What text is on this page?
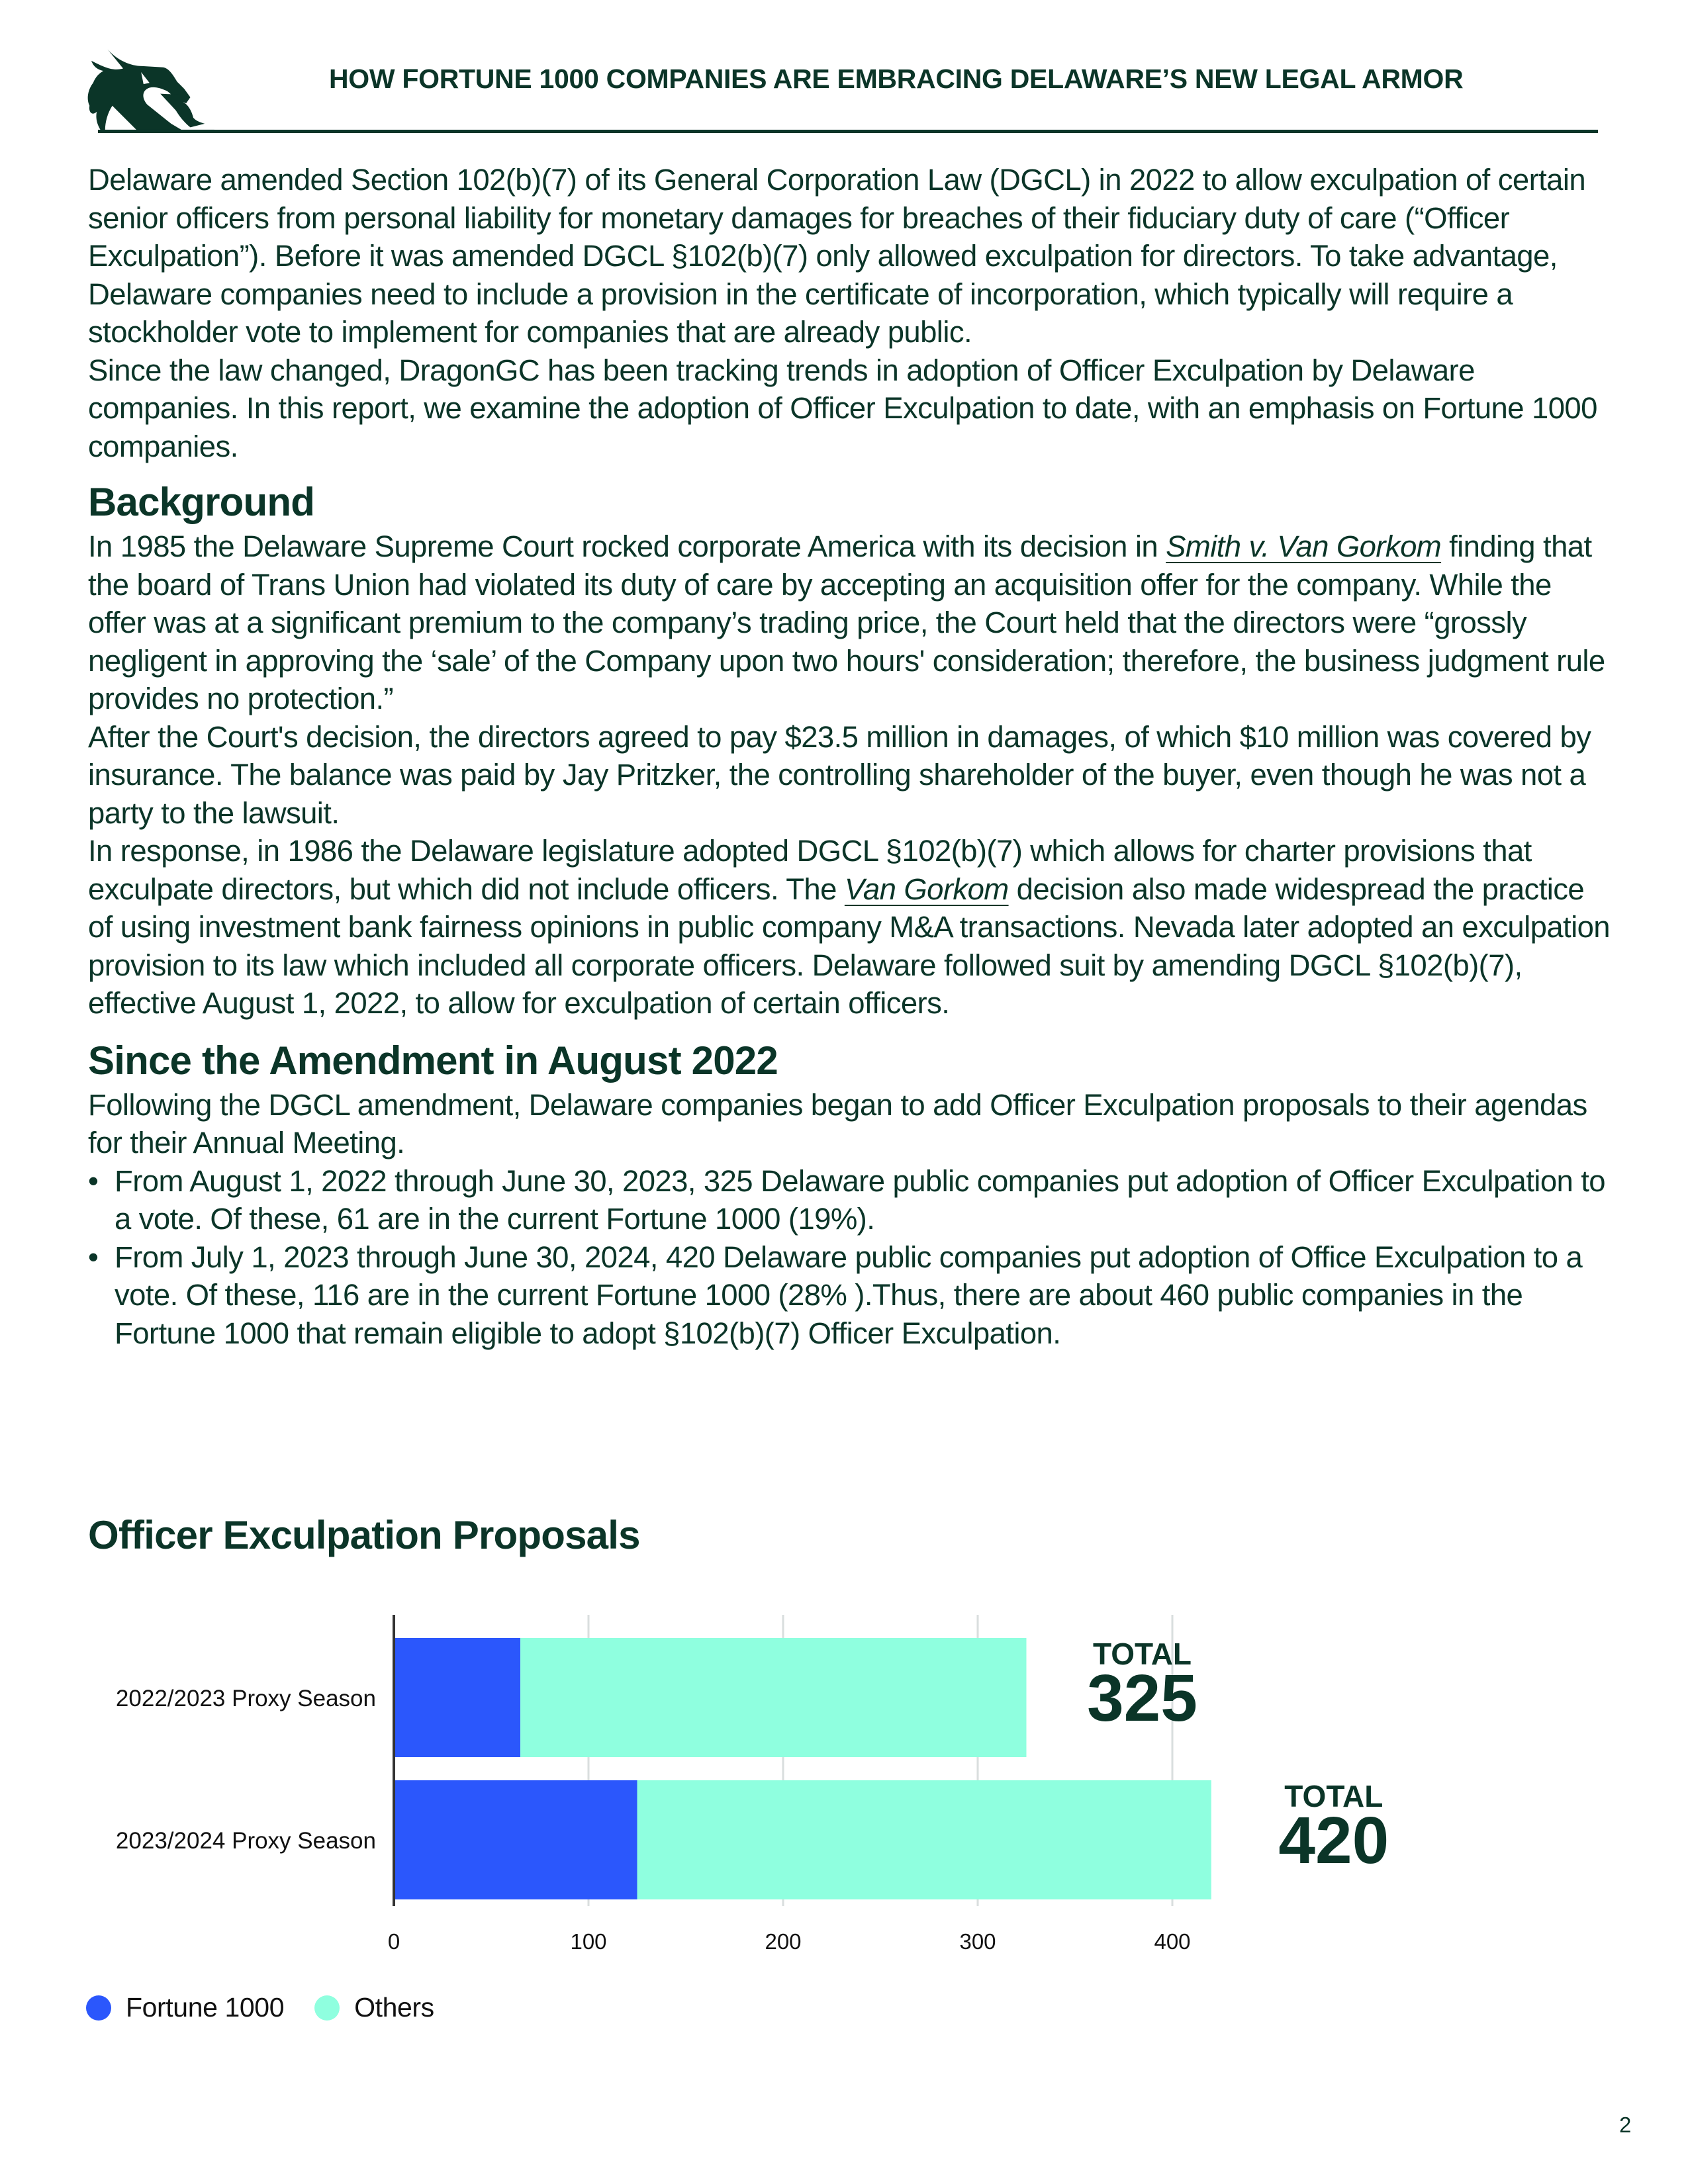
HOW FORTUNE 1000 COMPANIES ARE EMBRACING DELAWARE’S NEW LEGAL ARMOR

Delaware amended Section 102(b)(7) of its General Corporation Law (DGCL) in 2022 to allow exculpation of certain senior officers from personal liability for monetary damages for breaches of their fiduciary duty of care (“Officer Exculpation”). Before it was amended DGCL §102(b)(7) only allowed exculpation for directors. To take advantage, Delaware companies need to include a provision in the certificate of incorporation, which typically will require a stockholder vote to implement for companies that are already public.

Since the law changed, DragonGC has been tracking trends in adoption of Officer Exculpation by Delaware companies. In this report, we examine the adoption of Officer Exculpation to date, with an emphasis on Fortune 1000 companies.

Background

In 1985 the Delaware Supreme Court rocked corporate America with its decision in Smith v. Van Gorkom finding that the board of Trans Union had violated its duty of care by accepting an acquisition offer for the company. While the offer was at a significant premium to the company’s trading price, the Court held that the directors were “grossly negligent in approving the ‘sale’ of the Company upon two hours' consideration; therefore, the business judgment rule provides no protection.”

After the Court's decision, the directors agreed to pay $23.5 million in damages, of which $10 million was covered by insurance. The balance was paid by Jay Pritzker, the controlling shareholder of the buyer, even though he was not a party to the lawsuit.

In response, in 1986 the Delaware legislature adopted DGCL §102(b)(7) which allows for charter provisions that exculpate directors, but which did not include officers. The Van Gorkom decision also made widespread the practice of using investment bank fairness opinions in public company M&A transactions. Nevada later adopted an exculpation provision to its law which included all corporate officers. Delaware followed suit by amending DGCL §102(b)(7), effective August 1, 2022, to allow for exculpation of certain officers.

Since the Amendment in August 2022

Following the DGCL amendment, Delaware companies began to add Officer Exculpation proposals to their agendas for their Annual Meeting.

• From August 1, 2022 through June 30, 2023, 325 Delaware public companies put adoption of Officer Exculpation to a vote. Of these, 61 are in the current Fortune 1000 (19%).
• From July 1, 2023 through June 30, 2024, 420 Delaware public companies put adoption of Office Exculpation to a vote. Of these, 116 are in the current Fortune 1000 (28% ).Thus, there are about 460 public companies in the Fortune 1000 that remain eligible to adopt §102(b)(7) Officer Exculpation.
Officer Exculpation Proposals
0	100	200	300	400
2022/2023 Proxy Season
TOTAL
325
2023/2024 Proxy Season
TOTAL
420
Fortune 1000	Others
2
